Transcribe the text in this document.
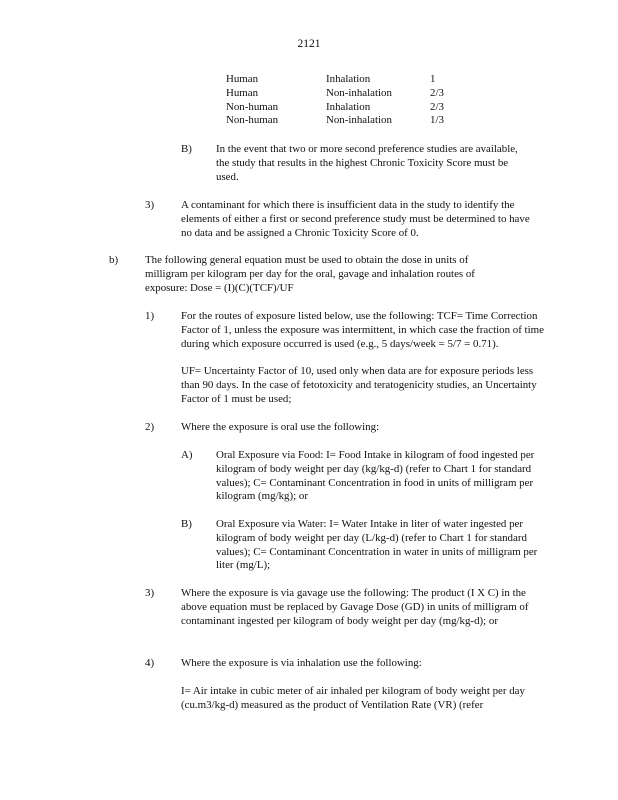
2121
Human	Inhalation	1
Human	Non-inhalation	2/3
Non-human	Inhalation	2/3
Non-human	Non-inhalation	1/3
B) In the event that two or more second preference studies are available, the study that results in the highest Chronic Toxicity Score must be used.
3) A contaminant for which there is insufficient data in the study to identify the elements of either a first or second preference study must be determined to have no data and be assigned a Chronic Toxicity Score of 0.
b) The following general equation must be used to obtain the dose in units of milligram per kilogram per day for the oral, gavage and inhalation routes of exposure: Dose = (I)(C)(TCF)/UF
1) For the routes of exposure listed below, use the following: TCF= Time Correction Factor of 1, unless the exposure was intermittent, in which case the fraction of time during which exposure occurred is used (e.g., 5 days/week = 5/7 = 0.71).
UF= Uncertainty Factor of 10, used only when data are for exposure periods less than 90 days. In the case of fetotoxicity and teratogenicity studies, an Uncertainty Factor of 1 must be used;
2) Where the exposure is oral use the following:
A) Oral Exposure via Food: I= Food Intake in kilogram of food ingested per kilogram of body weight per day (kg/kg-d) (refer to Chart 1 for standard values); C= Contaminant Concentration in food in units of milligram per kilogram (mg/kg); or
B) Oral Exposure via Water: I= Water Intake in liter of water ingested per kilogram of body weight per day (L/kg-d) (refer to Chart 1 for standard values); C= Contaminant Concentration in water in units of milligram per liter (mg/L);
3) Where the exposure is via gavage use the following: The product (I X C) in the above equation must be replaced by Gavage Dose (GD) in units of milligram of contaminant ingested per kilogram of body weight per day (mg/kg-d); or
4) Where the exposure is via inhalation use the following:
I= Air intake in cubic meter of air inhaled per kilogram of body weight per day (cu.m3/kg-d) measured as the product of Ventilation Rate (VR) (refer
